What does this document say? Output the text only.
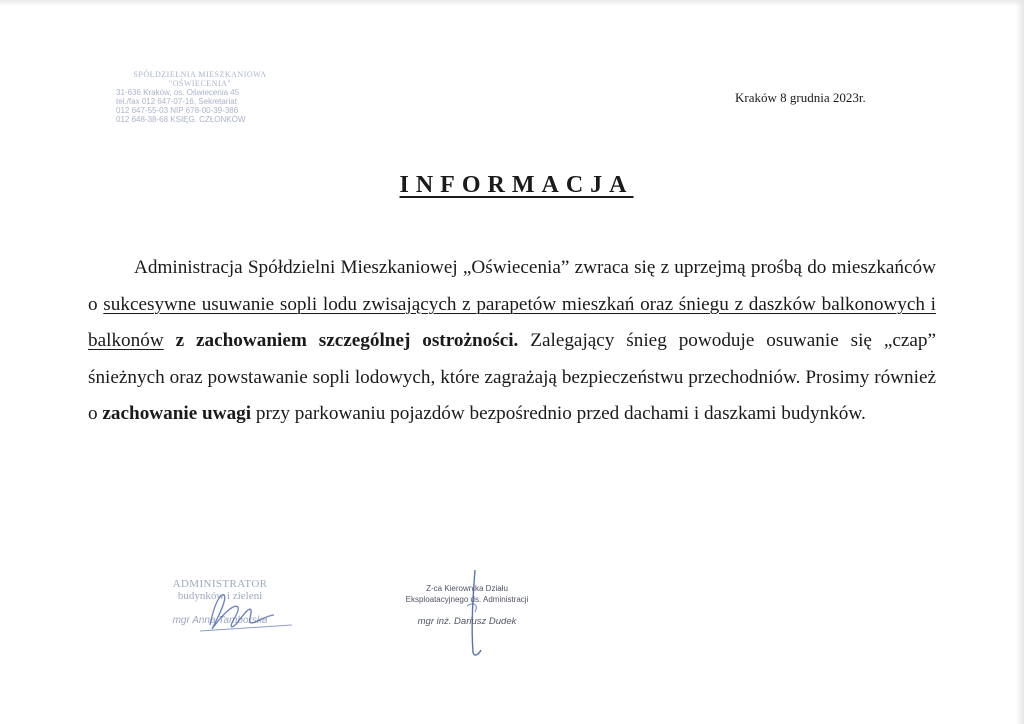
SPÓŁDZIELNIA MIESZKANIOWA
"OŚWIECENIA"
31-636 Kraków, os. Oświecenia 45
tel./fax 012 647-07-16, Sekretariat
012 647-55-03 NIP 678-00-39-386
012 648-38-68 KSIĘG. CZŁONKÓW
Kraków 8 grudnia 2023r.
INFORMACJA

Administracja Spółdzielni Mieszkaniowej „Oświecenia” zwraca się z uprzejmą prośbą do mieszkańców o sukcesywne usuwanie sopli lodu zwisających z parapetów mieszkań oraz śniegu z daszków balkonowych i balkonów z zachowaniem szczególnej ostrożności. Zalegający śnieg powoduje osuwanie się „czap” śnieżnych oraz powstawanie sopli lodowych, które zagrażają bezpieczeństwu przechodniów. Prosimy również o zachowanie uwagi przy parkowaniu pojazdów bezpośrednio przed dachami i daszkami budynków.

ADMINISTRATOR
budynków i zieleni
mgr Anna Tamborska
Z-ca Kierownika Działu
Eksploatacyjnego ds. Administracji
mgr inż. Dariusz Dudek
